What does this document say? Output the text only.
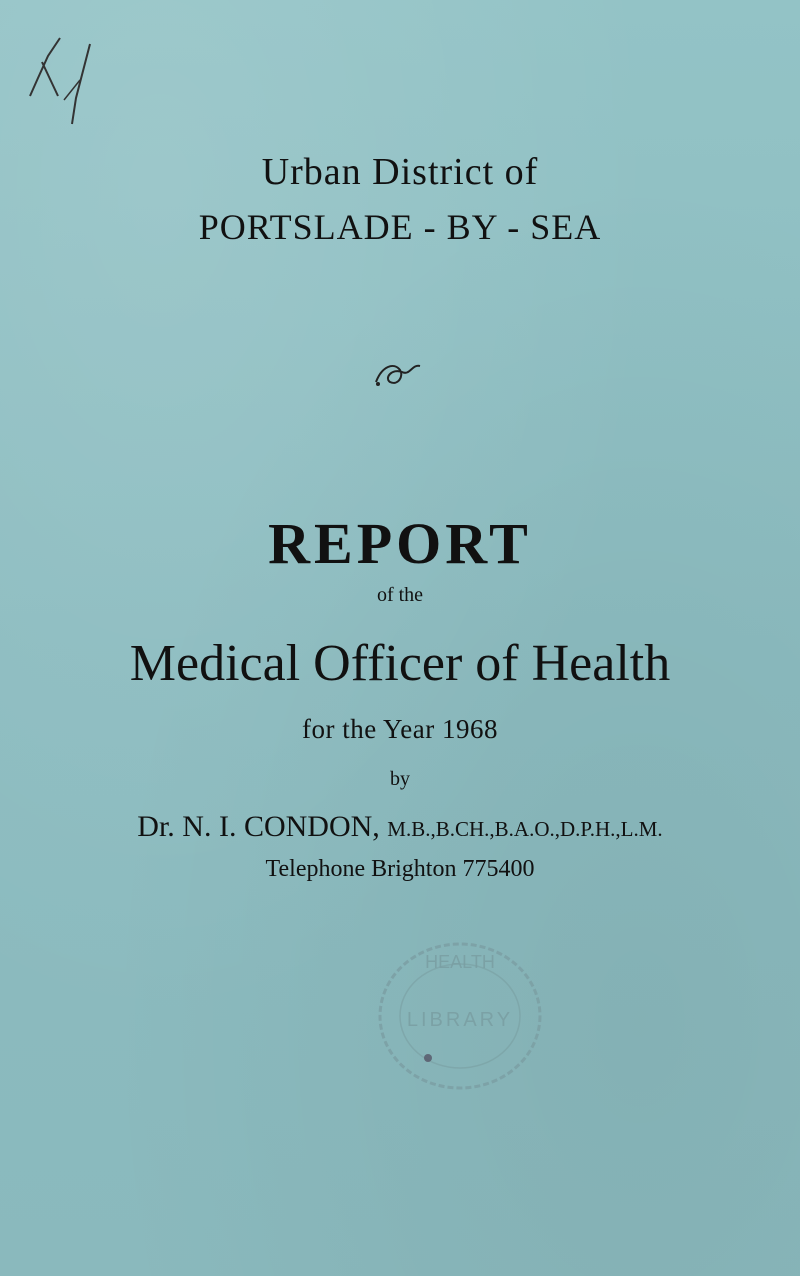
Urban District of
PORTSLADE - BY - SEA
REPORT
of the
Medical Officer of Health
for the Year 1968
by
Dr. N. I. CONDON, M.B.,B.CH.,B.A.O.,D.P.H.,L.M.
Telephone Brighton 775400
HEALTH
LIBRARY
